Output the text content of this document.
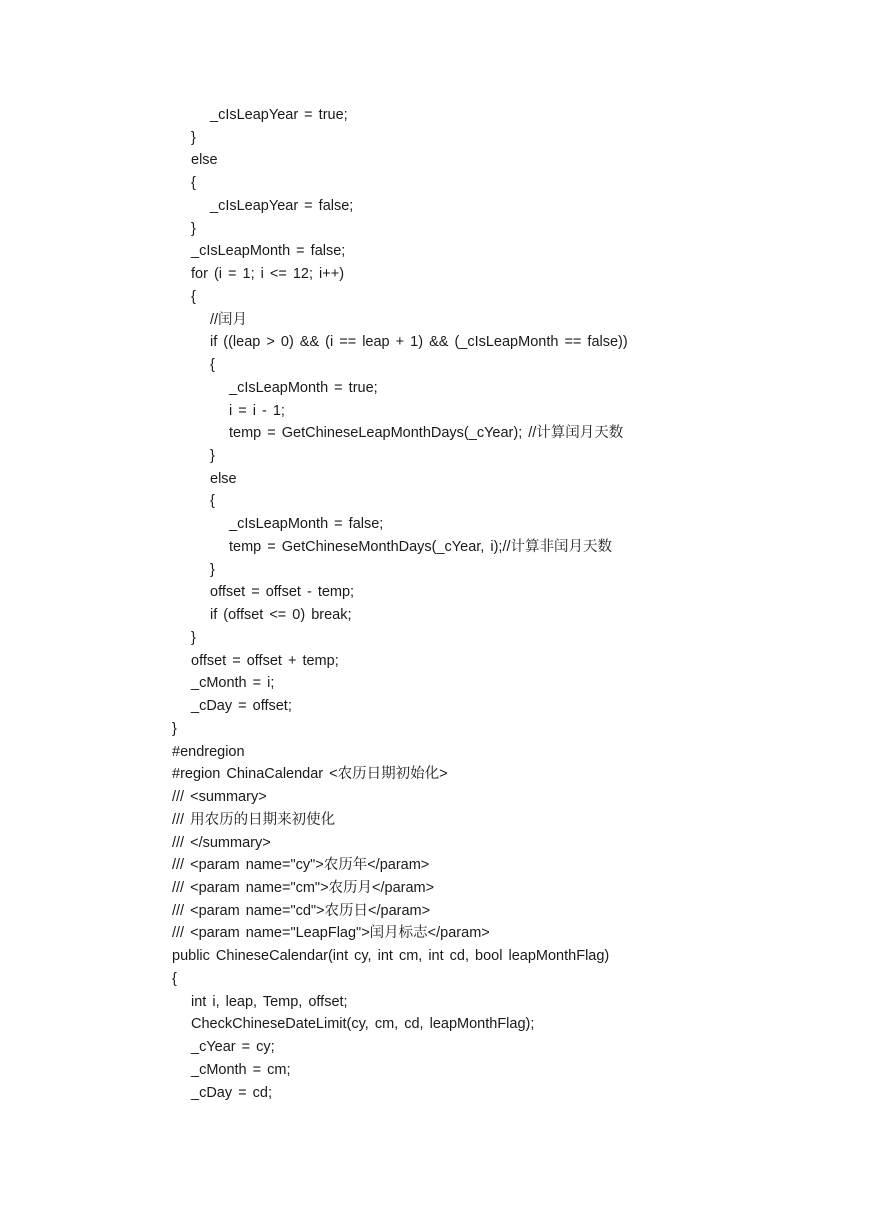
_cIsLeapYear = true;
}
else
{
_cIsLeapYear = false;
}
_cIsLeapMonth = false;
for (i = 1; i <= 12; i++)
{
//闰月
if ((leap > 0) && (i == leap + 1) && (_cIsLeapMonth == false))
{
_cIsLeapMonth = true;
i = i - 1;
temp = GetChineseLeapMonthDays(_cYear); //计算闰月天数
}
else
{
_cIsLeapMonth = false;
temp = GetChineseMonthDays(_cYear, i);//计算非闰月天数
}
offset = offset - temp;
if (offset <= 0) break;
}
offset = offset + temp;
_cMonth = i;
_cDay = offset;
}
#endregion
#region ChinaCalendar <农历日期初始化>
/// <summary>
/// 用农历的日期来初使化
/// </summary>
/// <param name="cy">农历年</param>
/// <param name="cm">农历月</param>
/// <param name="cd">农历日</param>
/// <param name="LeapFlag">闰月标志</param>
public ChineseCalendar(int cy, int cm, int cd, bool leapMonthFlag)
{
int i, leap, Temp, offset;
CheckChineseDateLimit(cy, cm, cd, leapMonthFlag);
_cYear = cy;
_cMonth = cm;
_cDay = cd;
